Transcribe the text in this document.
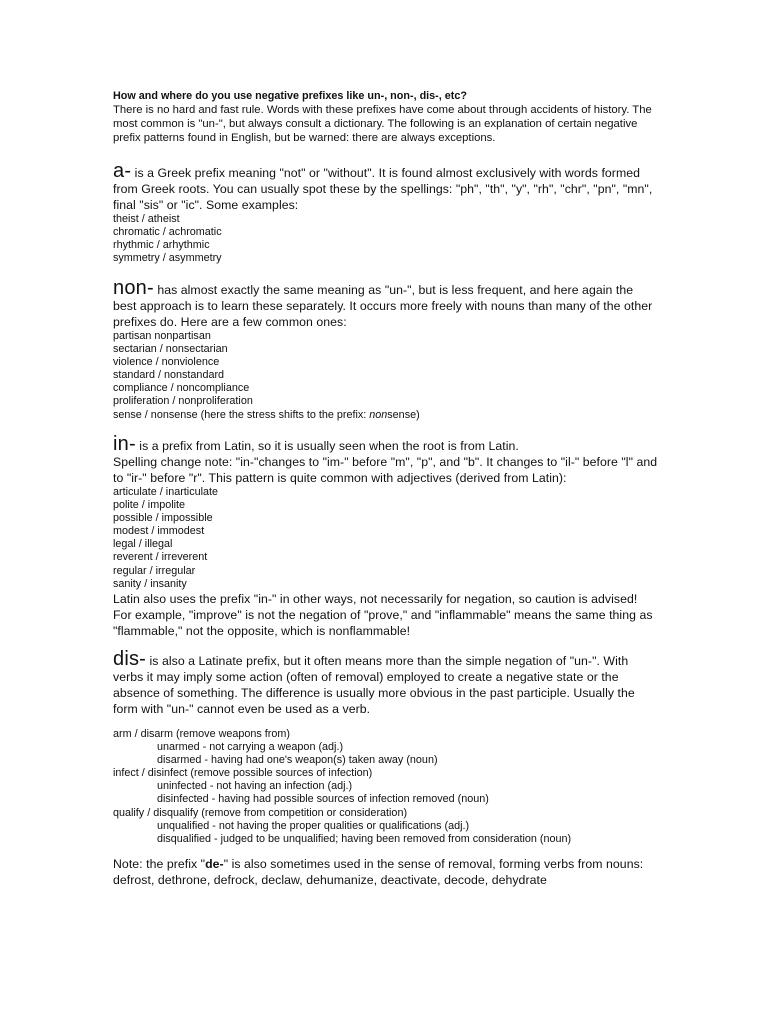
How and where do you use negative prefixes like un-, non-, dis-, etc?

There is no hard and fast rule. Words with these prefixes have come about through accidents of history. The most common is "un-", but always consult a dictionary. The following is an explanation of certain negative prefix patterns found in English, but be warned: there are always exceptions.

a- is a Greek prefix meaning "not" or "without". It is found almost exclusively with words formed from Greek roots. You can usually spot these by the spellings: "ph", "th", "y", "rh", "chr", "pn", "mn", final "sis" or "ic". Some examples:

theist / atheist
chromatic / achromatic
rhythmic / arhythmic
symmetry / asymmetry

non- has almost exactly the same meaning as "un-", but is less frequent, and here again the best approach is to learn these separately. It occurs more freely with nouns than many of the other prefixes do. Here are a few common ones:

partisan nonpartisan
sectarian / nonsectarian
violence / nonviolence
standard / nonstandard
compliance / noncompliance
proliferation / nonproliferation
sense / nonsense (here the stress shifts to the prefix: nonsense)

in- is a prefix from Latin, so it is usually seen when the root is from Latin.

Spelling change note: "in-"changes to "im-" before "m", "p", and "b". It changes to "il-" before "l" and to "ir-" before "r". This pattern is quite common with adjectives (derived from Latin):

articulate / inarticulate
polite / impolite
possible / impossible
modest / immodest
legal / illegal
reverent / irreverent
regular / irregular
sanity / insanity

Latin also uses the prefix "in-" in other ways, not necessarily for negation, so caution is advised! For example, "improve" is not the negation of "prove," and "inflammable" means the same thing as "flammable," not the opposite, which is nonflammable!

dis- is also a Latinate prefix, but it often means more than the simple negation of "un-". With verbs it may imply some action (often of removal) employed to create a negative state or the absence of something. The difference is usually more obvious in the past participle. Usually the form with "un-" cannot even be used as a verb.

arm / disarm (remove weapons from)
unarmed - not carrying a weapon (adj.)
disarmed - having had one's weapon(s) taken away (noun)
infect / disinfect (remove possible sources of infection)
uninfected - not having an infection (adj.)
disinfected - having had possible sources of infection removed (noun)
qualify / disqualify (remove from competition or consideration)
unqualified - not having the proper qualities or qualifications (adj.)
disqualified - judged to be unqualified; having been removed from consideration (noun)

Note: the prefix "de-" is also sometimes used in the sense of removal, forming verbs from nouns: defrost, dethrone, defrock, declaw, dehumanize, deactivate, decode, dehydrate
